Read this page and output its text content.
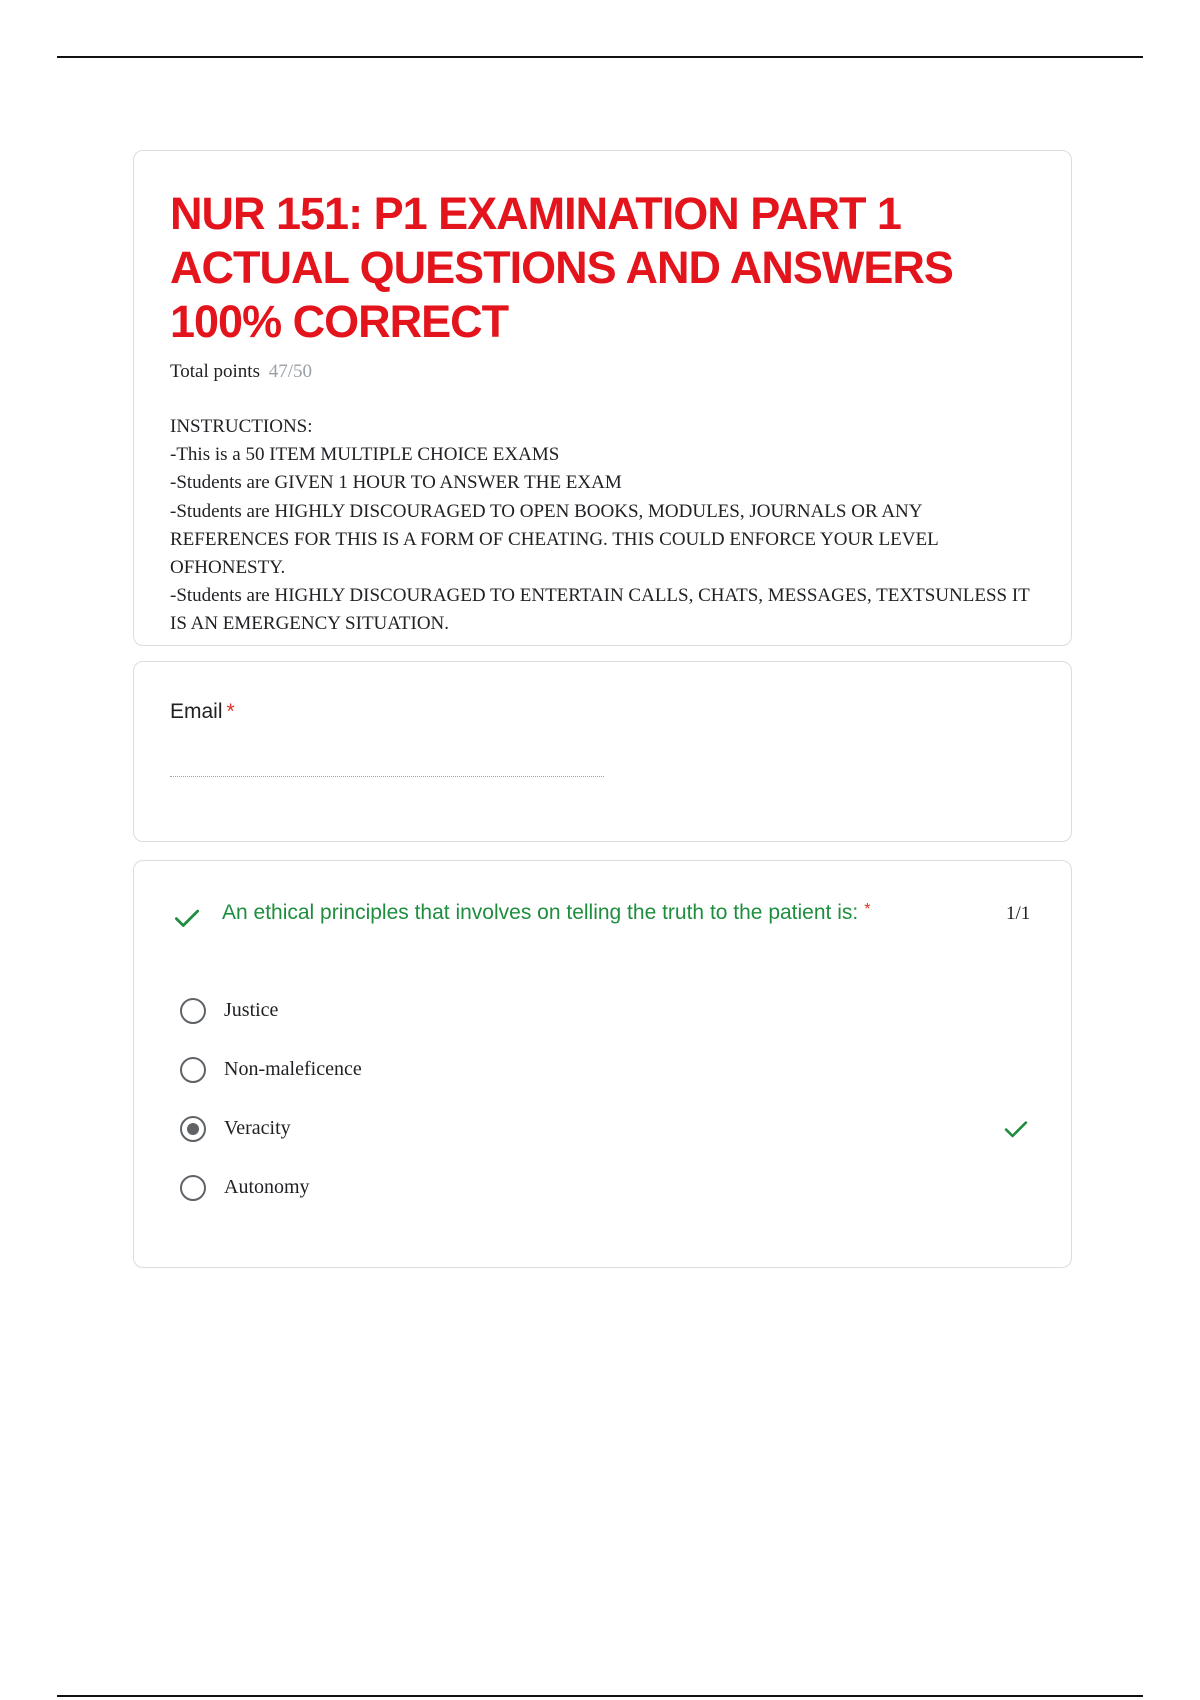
NUR 151: P1 EXAMINATION PART 1 ACTUAL QUESTIONS AND ANSWERS 100% CORRECT
Total points 47/50
INSTRUCTIONS:
-This is a 50 ITEM MULTIPLE CHOICE EXAMS
-Students are GIVEN 1 HOUR TO ANSWER THE EXAM
-Students are HIGHLY DISCOURAGED TO OPEN BOOKS, MODULES, JOURNALS OR ANY REFERENCES FOR THIS IS A FORM OF CHEATING. THIS COULD ENFORCE YOUR LEVEL OFHONESTY.
-Students are HIGHLY DISCOURAGED TO ENTERTAIN CALLS, CHATS, MESSAGES, TEXTSUNLESS IT IS AN EMERGENCY SITUATION.
Email *
An ethical principles that involves on telling the truth to the patient is: *	1/1
Justice
Non-maleficence
Veracity
Autonomy
